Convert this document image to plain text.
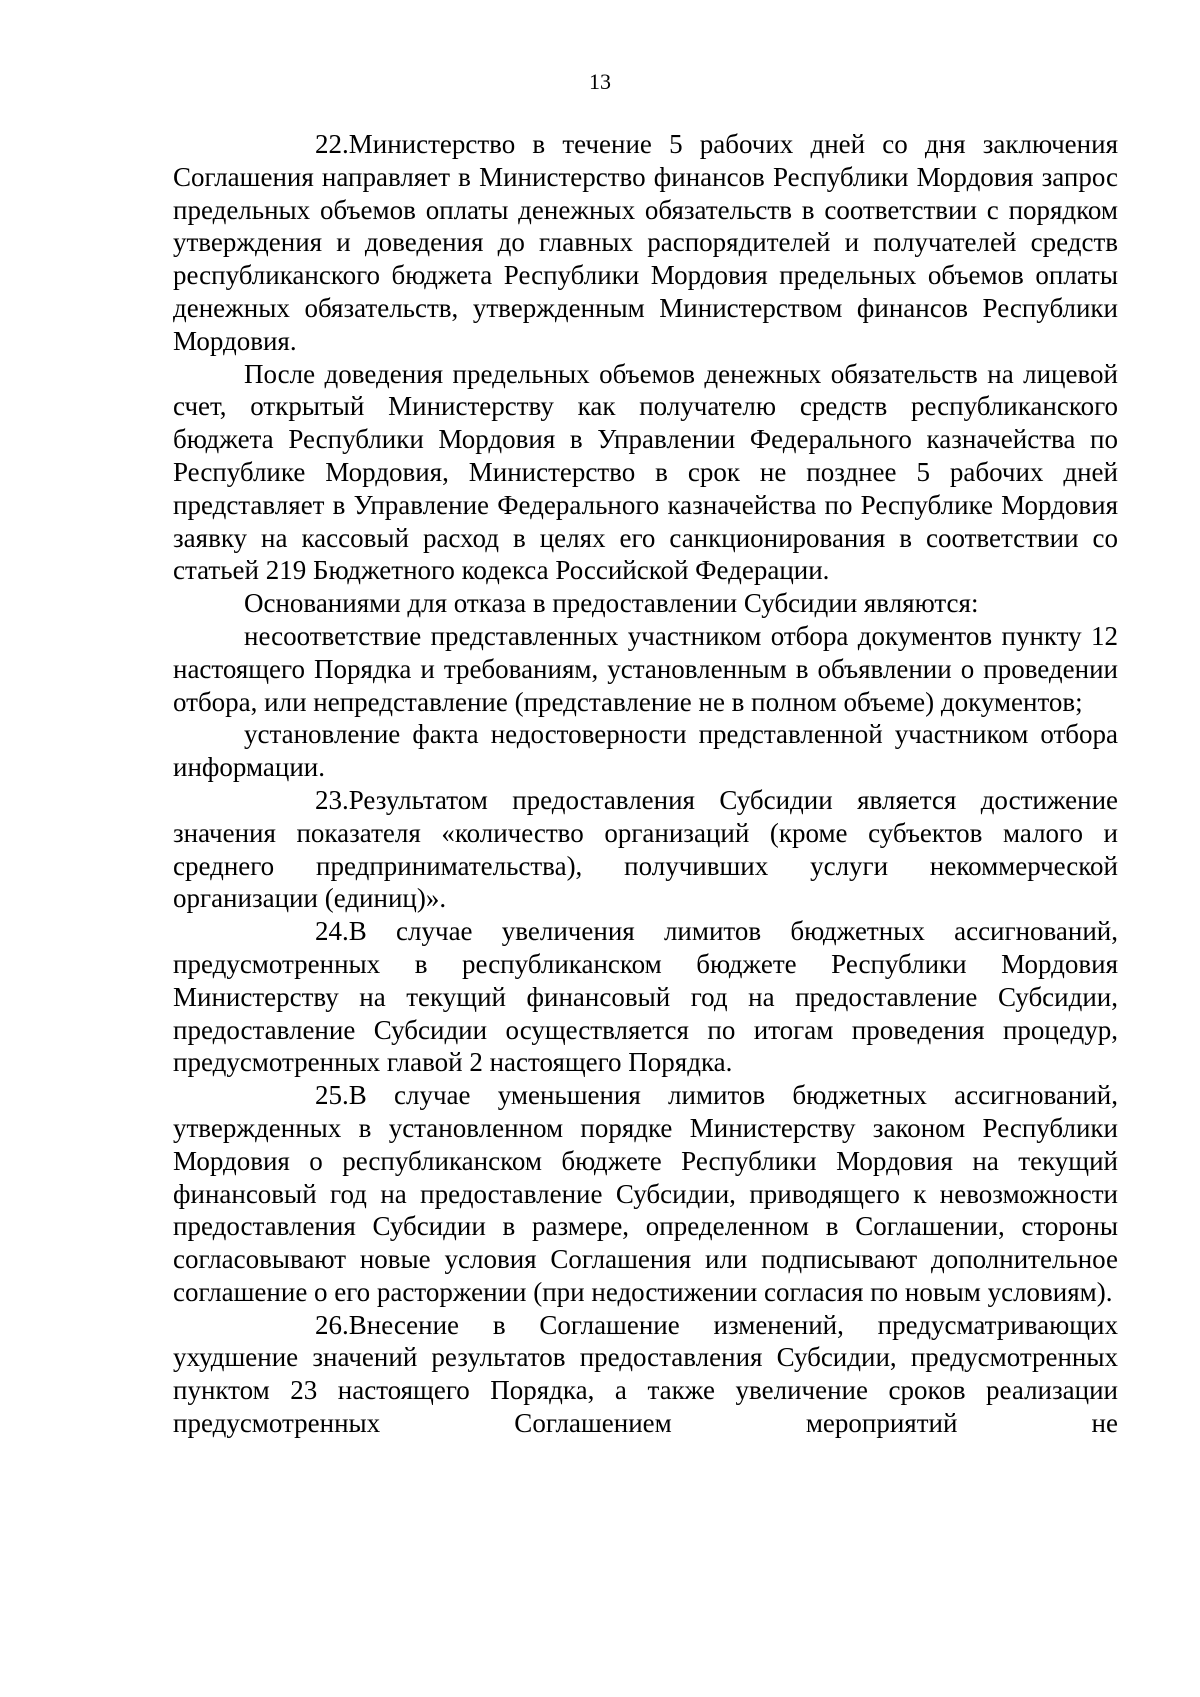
13

22.Министерство в течение 5 рабочих дней со дня заключения Соглашения направляет в Министерство финансов Республики Мордовия запрос предельных объемов оплаты денежных обязательств в соответствии с порядком утверждения и доведения до главных распорядителей и получателей средств республиканского бюджета Республики Мордовия предельных объемов оплаты денежных обязательств, утвержденным Министерством финансов Республики Мордовия.

После доведения предельных объемов денежных обязательств на лицевой счет, открытый Министерству как получателю средств республиканского бюджета Республики Мордовия в Управлении Федерального казначейства по Республике Мордовия, Министерство в срок не позднее 5 рабочих дней представляет в Управление Федерального казначейства по Республике Мордовия заявку на кассовый расход в целях его санкционирования в соответствии со статьей 219 Бюджетного кодекса Российской Федерации.

Основаниями для отказа в предоставлении Субсидии являются:

несоответствие представленных участником отбора документов пункту 12 настоящего Порядка и требованиям, установленным в объявлении о проведении отбора, или непредставление (представление не в полном объеме) документов;

установление факта недостоверности представленной участником отбора информации.

23.Результатом предоставления Субсидии является достижение значения показателя «количество организаций (кроме субъектов малого и среднего предпринимательства), получивших услуги некоммерческой организации (единиц)».

24.В случае увеличения лимитов бюджетных ассигнований, предусмотренных в республиканском бюджете Республики Мордовия Министерству на текущий финансовый год на предоставление Субсидии, предоставление Субсидии осуществляется по итогам проведения процедур, предусмотренных главой 2 настоящего Порядка.

25.В случае уменьшения лимитов бюджетных ассигнований, утвержденных в установленном порядке Министерству законом Республики Мордовия о республиканском бюджете Республики Мордовия на текущий финансовый год на предоставление Субсидии, приводящего к невозможности предоставления Субсидии в размере, определенном в Соглашении, стороны согласовывают новые условия Соглашения или подписывают дополнительное соглашение о его расторжении (при недостижении согласия по новым условиям).

26.Внесение в Соглашение изменений, предусматривающих ухудшение значений результатов предоставления Субсидии, предусмотренных пунктом 23 настоящего Порядка, а также увеличение сроков реализации предусмотренных Соглашением мероприятий не
